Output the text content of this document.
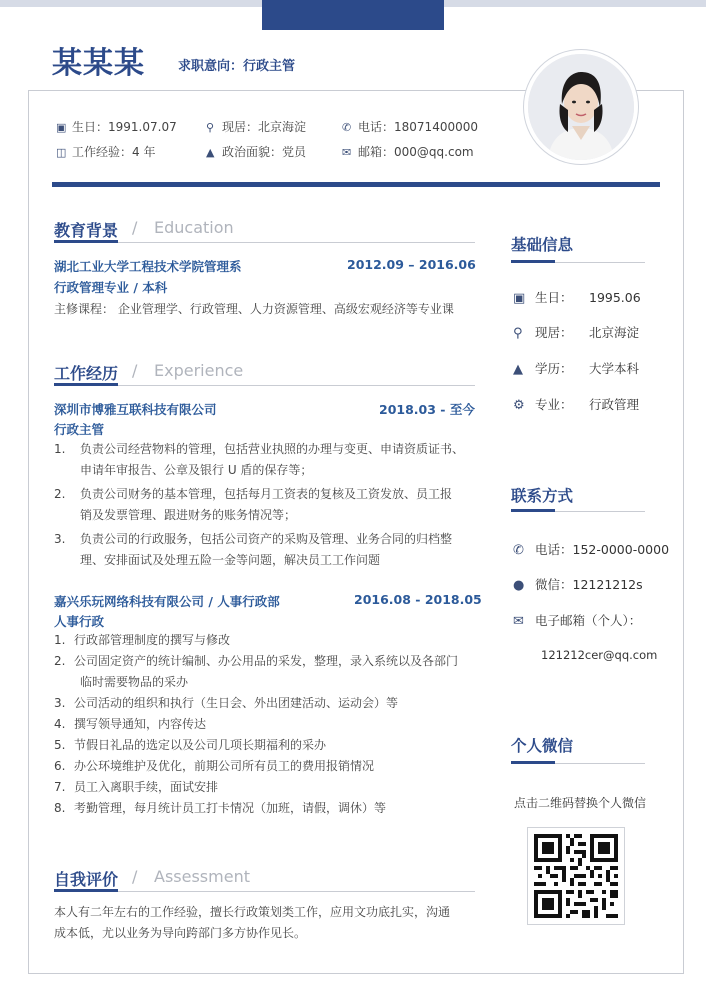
某某某	求职意向：行政主管
▣ 生日：1991.07.07	⚲ 现居：北京海淀	✆ 电话：18071400000
◫ 工作经验：4 年	▲ 政治面貌：党员	✉ 邮箱：000@qq.com
教育背景 / Education
湖北工业大学工程技术学院管理系	2012.09 – 2016.06
行政管理专业 / 本科
主修课程： 企业管理学、行政管理、人力资源管理、高级宏观经济等专业课
工作经历 / Experience
深圳市博雅互联科技有限公司	2018.03 - 至今
行政主管
1. 负责公司经营物料的管理，包括营业执照的办理与变更、申请资质证书、
申请年审报告、公章及银行 U 盾的保存等；
2. 负责公司财务的基本管理，包括每月工资表的复核及工资发放、员工报
销及发票管理、跟进财务的账务情况等；
3. 负责公司的行政服务，包括公司资产的采购及管理、业务合同的归档整
理、安排面试及处理五险一金等问题，解决员工工作问题
嘉兴乐玩网络科技有限公司 / 人事行政部	2016.08 - 2018.05
人事行政
1. 行政部管理制度的撰写与修改
2. 公司固定资产的统计编制、办公用品的采发，整理，录入系统以及各部门
临时需要物品的采办
3. 公司活动的组织和执行（生日会、外出团建活动、运动会）等
4. 撰写领导通知，内容传达
5. 节假日礼品的选定以及公司几项长期福利的采办
6. 办公环境维护及优化，前期公司所有员工的费用报销情况
7. 员工入离职手续，面试安排
8. 考勤管理，每月统计员工打卡情况（加班，请假，调休）等
自我评价 / Assessment
本人有二年左右的工作经验，擅长行政策划类工作，应用文功底扎实，沟通
成本低，尤以业务为导向跨部门多方协作见长。
基础信息
▣ 生日： 1995.06
⚲ 现居： 北京海淀
▲ 学历： 大学本科
⚙ 专业： 行政管理
联系方式
✆ 电话：152-0000-0000
● 微信：12121212s
✉ 电子邮箱（个人）：
121212cer@qq.com
个人微信
点击二维码替换个人微信
